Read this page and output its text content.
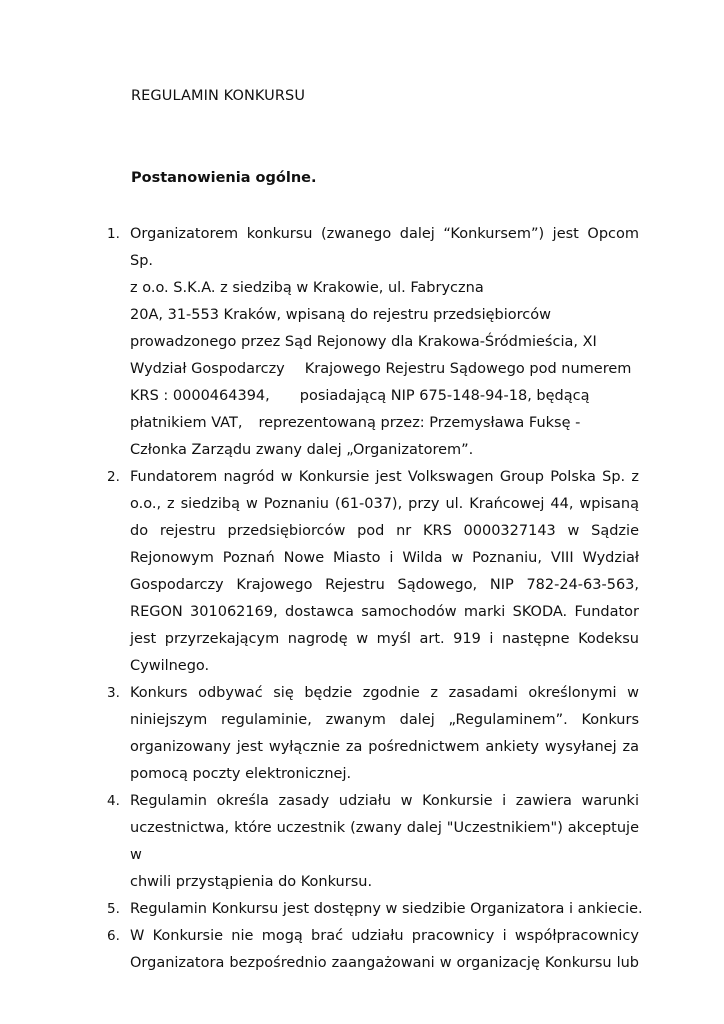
REGULAMIN KONKURSU
Postanowienia ogólne.
1. Organizatorem konkursu (zwanego dalej “Konkursem”) jest Opcom Sp.
z o.o. S.K.A. z siedzibą w Krakowie, ul. Fabryczna
20A, 31-553 Kraków, wpisaną do rejestru przedsiębiorców
prowadzonego przez Sąd Rejonowy dla Krakowa-Śródmieścia, XI
Wydział Gospodarczy Krajowego Rejestru Sądowego pod numerem
KRS : 0000464394, posiadającą NIP 675-148-94-18, będącą
płatnikiem VAT, reprezentowaną przez: Przemysława Fuksę -
Członka Zarządu zwany dalej „Organizatorem”.
2. Fundatorem nagród w Konkursie jest Volkswagen Group Polska Sp. z
o.o., z siedzibą w Poznaniu (61-037), przy ul. Krańcowej 44, wpisaną
do rejestru przedsiębiorców pod nr KRS 0000327143 w Sądzie
Rejonowym Poznań Nowe Miasto i Wilda w Poznaniu, VIII Wydział
Gospodarczy Krajowego Rejestru Sądowego, NIP 782-24-63-563,
REGON 301062169, dostawca samochodów marki SKODA. Fundator
jest przyrzekającym nagrodę w myśl art. 919 i następne Kodeksu
Cywilnego.
3. Konkurs odbywać się będzie zgodnie z zasadami określonymi w
niniejszym regulaminie, zwanym dalej „Regulaminem”. Konkurs
organizowany jest wyłącznie za pośrednictwem ankiety wysyłanej za
pomocą poczty elektronicznej.
4. Regulamin określa zasady udziału w Konkursie i zawiera warunki
uczestnictwa, które uczestnik (zwany dalej "Uczestnikiem") akceptuje w
chwili przystąpienia do Konkursu.
5. Regulamin Konkursu jest dostępny w siedzibie Organizatora i ankiecie.
6. W Konkursie nie mogą brać udziału pracownicy i współpracownicy
Organizatora bezpośrednio zaangażowani w organizację Konkursu lub
